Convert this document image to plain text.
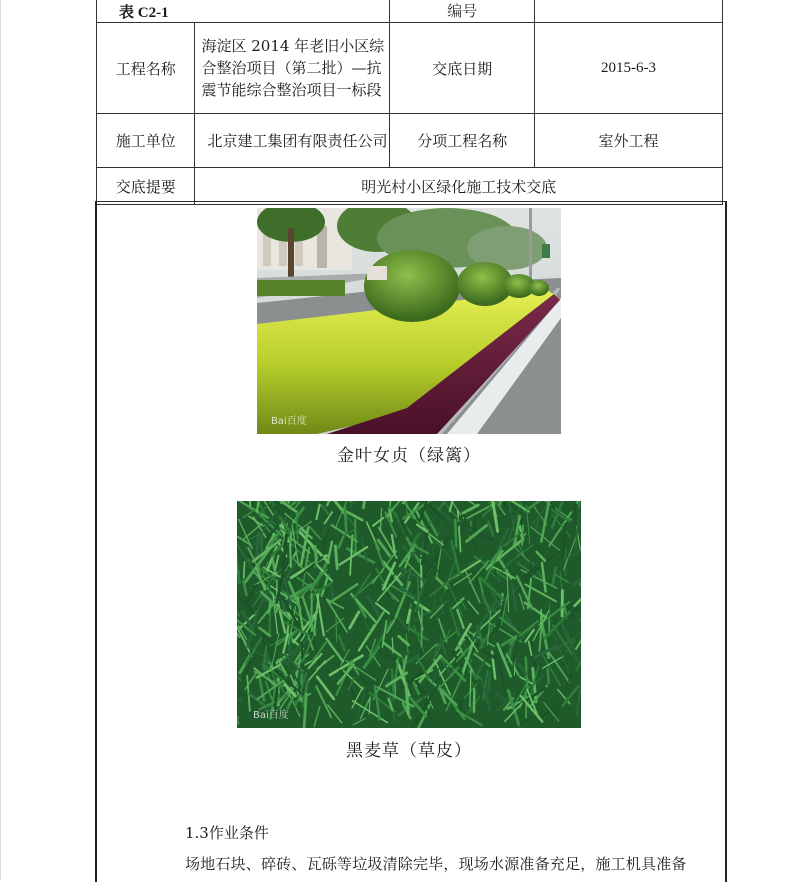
表 C2-1		编号	
工程名称	海淀区 2014 年老旧小区综合整治项目（第二批）—抗震节能综合整治项目一标段	交底日期	2015-6-3
施工单位	北京建工集团有限责任公司	分项工程名称	室外工程
交底提要	明光村小区绿化施工技术交底		
Bai百度
金叶女贞（绿篱）
Bai百度
黑麦草（草皮）
1.3作业条件
场地石块、碎砖、瓦砾等垃圾清除完毕，现场水源准备充足，施工机具准备
